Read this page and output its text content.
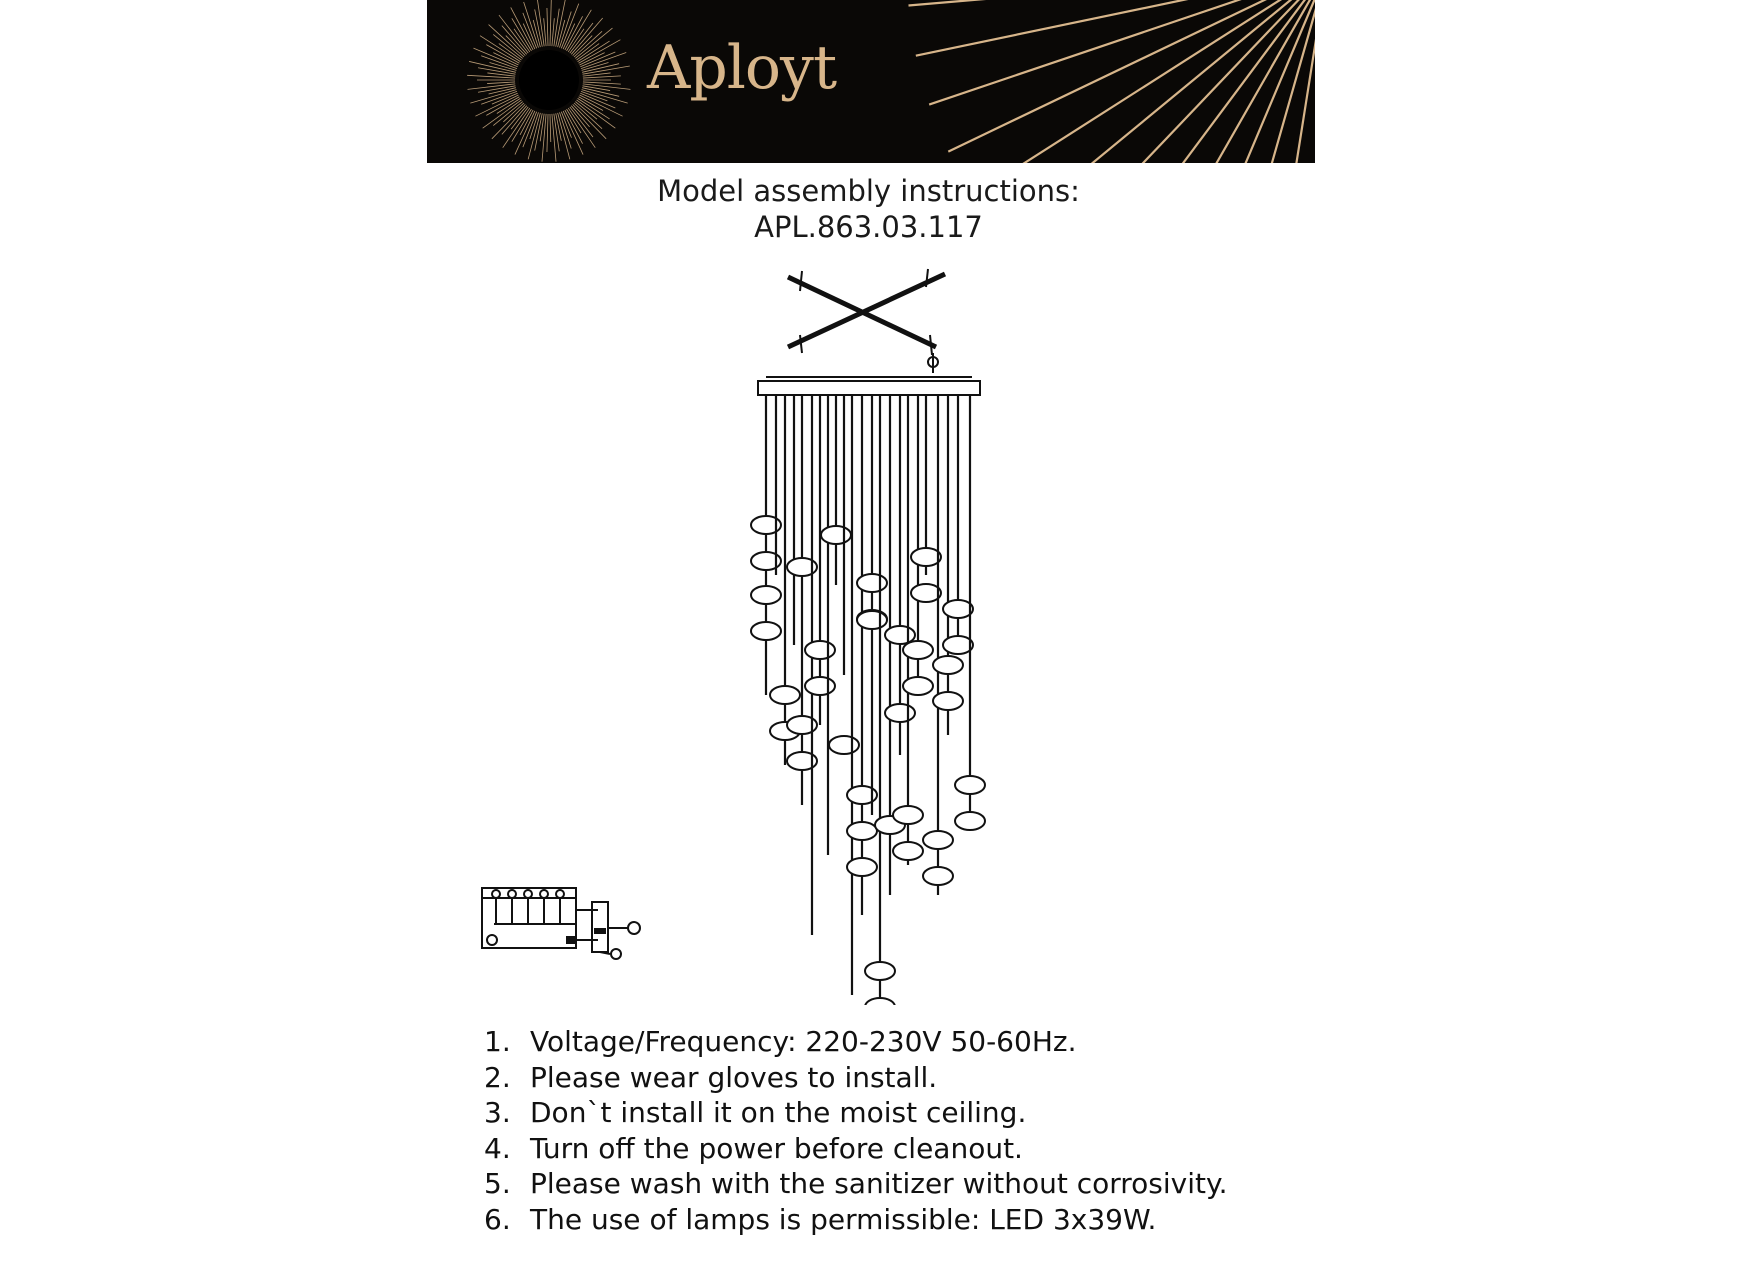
Aployt
Model assembly instructions:
APL.863.03.117
1. Voltage/Frequency: 220-230V 50-60Hz.
2. Please wear gloves to install.
3. Don`t install it on the moist ceiling.
4. Turn off the power before cleanout.
5. Please wash with the sanitizer without corrosivity.
6. The use of lamps is permissible: LED 3x39W.
